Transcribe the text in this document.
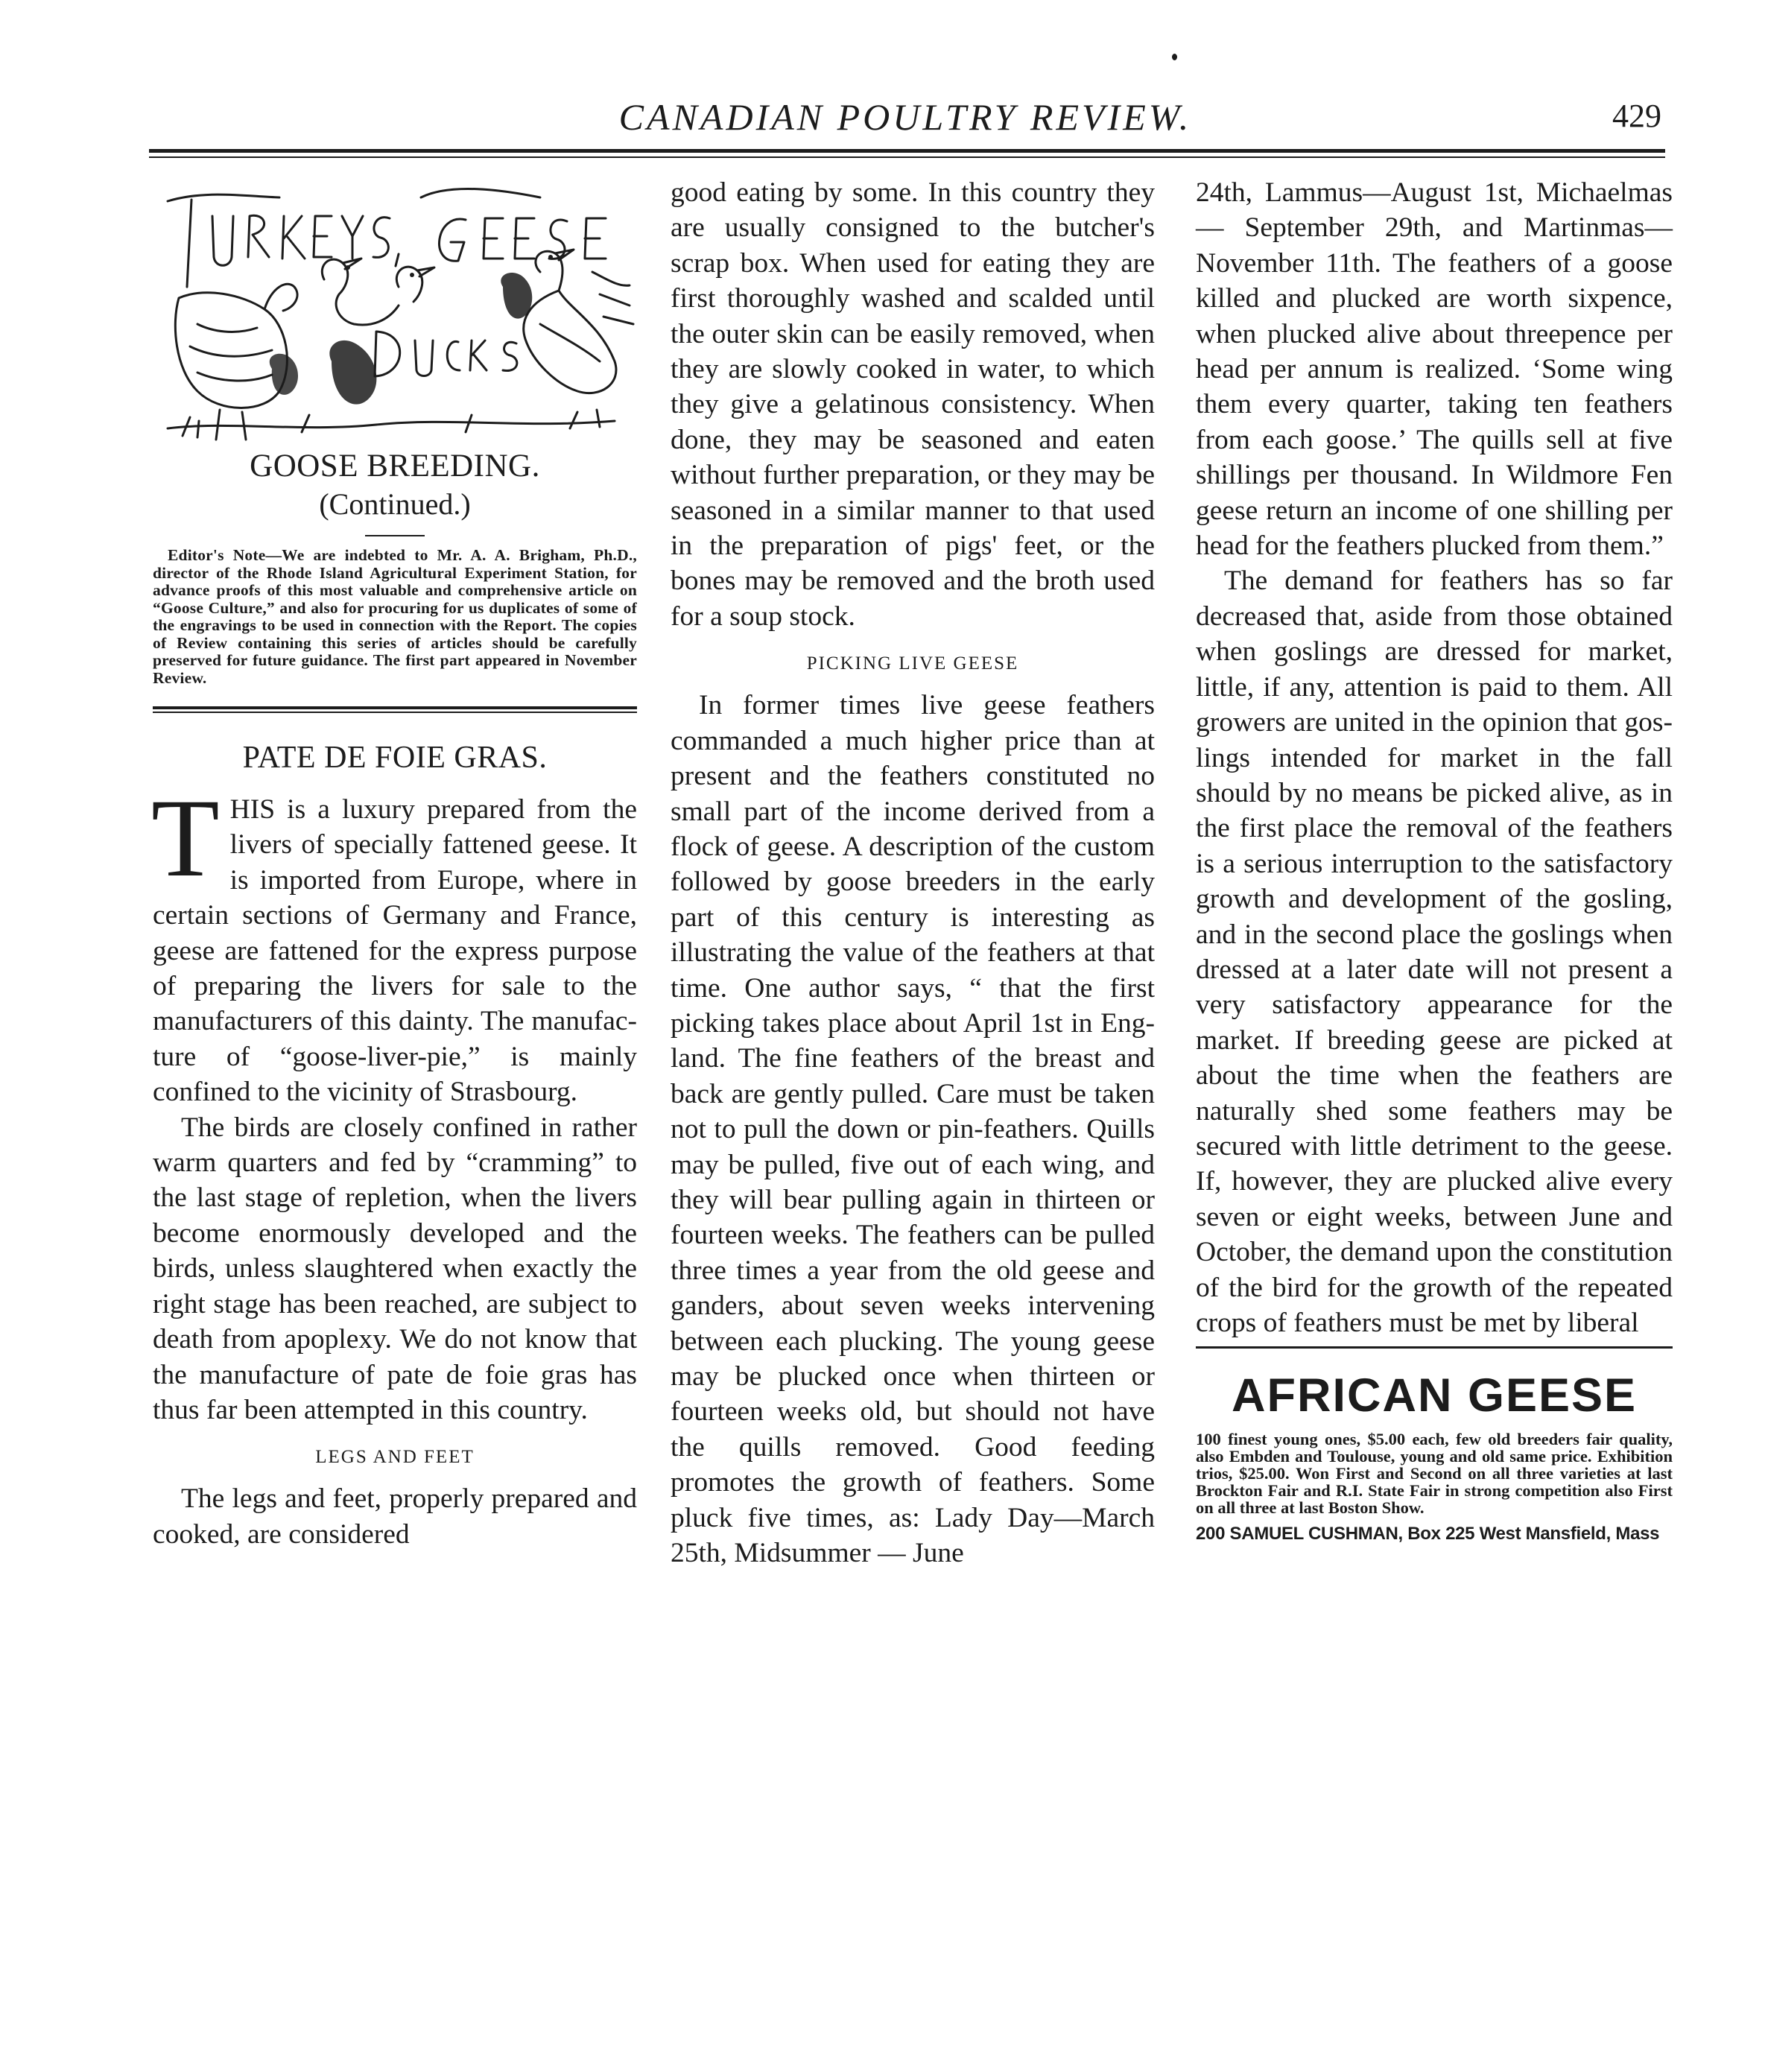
CANADIAN POULTRY REVIEW.	429

GOOSE BREEDING.

(Continued.)

Editor's Note—We are indebted to Mr. A. A. Brigham, Ph.D., director of the Rhode Island Agricultural Experiment Station, for advance proofs of this most valuable and comprehensive article on “Goose Culture,” and also for procuring for us duplicates of some of the engravings to be used in connection with the Report. The copies of Review containing this series of articles should be carefully preserved for future guidance. The first part appeared in November Review.

PATE DE FOIE GRAS.

THIS is a luxury prepared from the livers of specially fattened geese. It is imported from Europe, where in certain sections of Germany and France, geese are fattened for the express purpose of preparing the livers for sale to the manufacturers of this dainty. The manufacture of “goose-liver-pie,” is mainly confined to the vicinity of Strasbourg.

The birds are closely confined in rather warm quarters and fed by “cramming” to the last stage of repletion, when the livers become enormously developed and the birds, unless slaughtered when exactly the right stage has been reached, are subject to death from apoplexy. We do not know that the manufacture of pate de foie gras has thus far been attempted in this country.

LEGS AND FEET

The legs and feet, properly prepared and cooked, are considered

good eating by some. In this country they are usually consigned to the butcher's scrap box. When used for eating they are first thoroughly washed and scalded until the outer skin can be easily removed, when they are slowly cooked in water, to which they give a gelatinous consistency. When done, they may be seasoned and eaten without further preparation, or they may be seasoned in a similar manner to that used in the preparation of pigs' feet, or the bones may be removed and the broth used for a soup stock.

PICKING LIVE GEESE

In former times live geese feathers commanded a much higher price than at present and the feathers constituted no small part of the income derived from a flock of geese. A description of the custom followed by goose breeders in the early part of this century is interesting as illustrating the value of the feathers at that time. One author says, “ that the first picking takes place about April 1st in England. The fine feathers of the breast and back are gently pulled. Care must be taken not to pull the down or pin-feathers. Quills may be pulled, five out of each wing, and they will bear pulling again in thirteen or fourteen weeks. The feathers can be pulled three times a year from the old geese and ganders, about seven weeks intervening between each plucking. The young geese may be plucked once when thirteen or fourteen weeks old, but should not have the quills removed. Good feeding promotes the growth of feathers. Some pluck five times, as: Lady Day—March 25th, Midsummer — June

24th, Lammus—August 1st, Michaelmas — September 29th, and Martinmas—November 11th. The feathers of a goose killed and plucked are worth sixpence, when plucked alive about threepence per head per annum is realized. ‘Some wing them every quarter, taking ten feathers from each goose.’ The quills sell at five shillings per thousand. In Wildmore Fen geese return an income of one shilling per head for the feathers plucked from them.”

The demand for feathers has so far decreased that, aside from those obtained when goslings are dressed for market, little, if any, attention is paid to them. All growers are united in the opinion that goslings intended for market in the fall should by no means be picked alive, as in the first place the removal of the feathers is a serious interruption to the satisfactory growth and development of the gosling, and in the second place the goslings when dressed at a later date will not present a very satisfactory appearance for the market. If breeding geese are picked at about the time when the feathers are naturally shed some feathers may be secured with little detriment to the geese. If, however, they are plucked alive every seven or eight weeks, between June and October, the demand upon the constitution of the bird for the growth of the repeated crops of feathers must be met by liberal

AFRICAN GEESE

100 finest young ones, $5.00 each, few old breeders fair quality, also Embden and Toulouse, young and old same price. Exhibition trios, $25.00. Won First and Second on all three varieties at last Brockton Fair and R.I. State Fair in strong competition also First on all three at last Boston Show.

200 SAMUEL CUSHMAN, Box 225 West Mansfield, Mass
